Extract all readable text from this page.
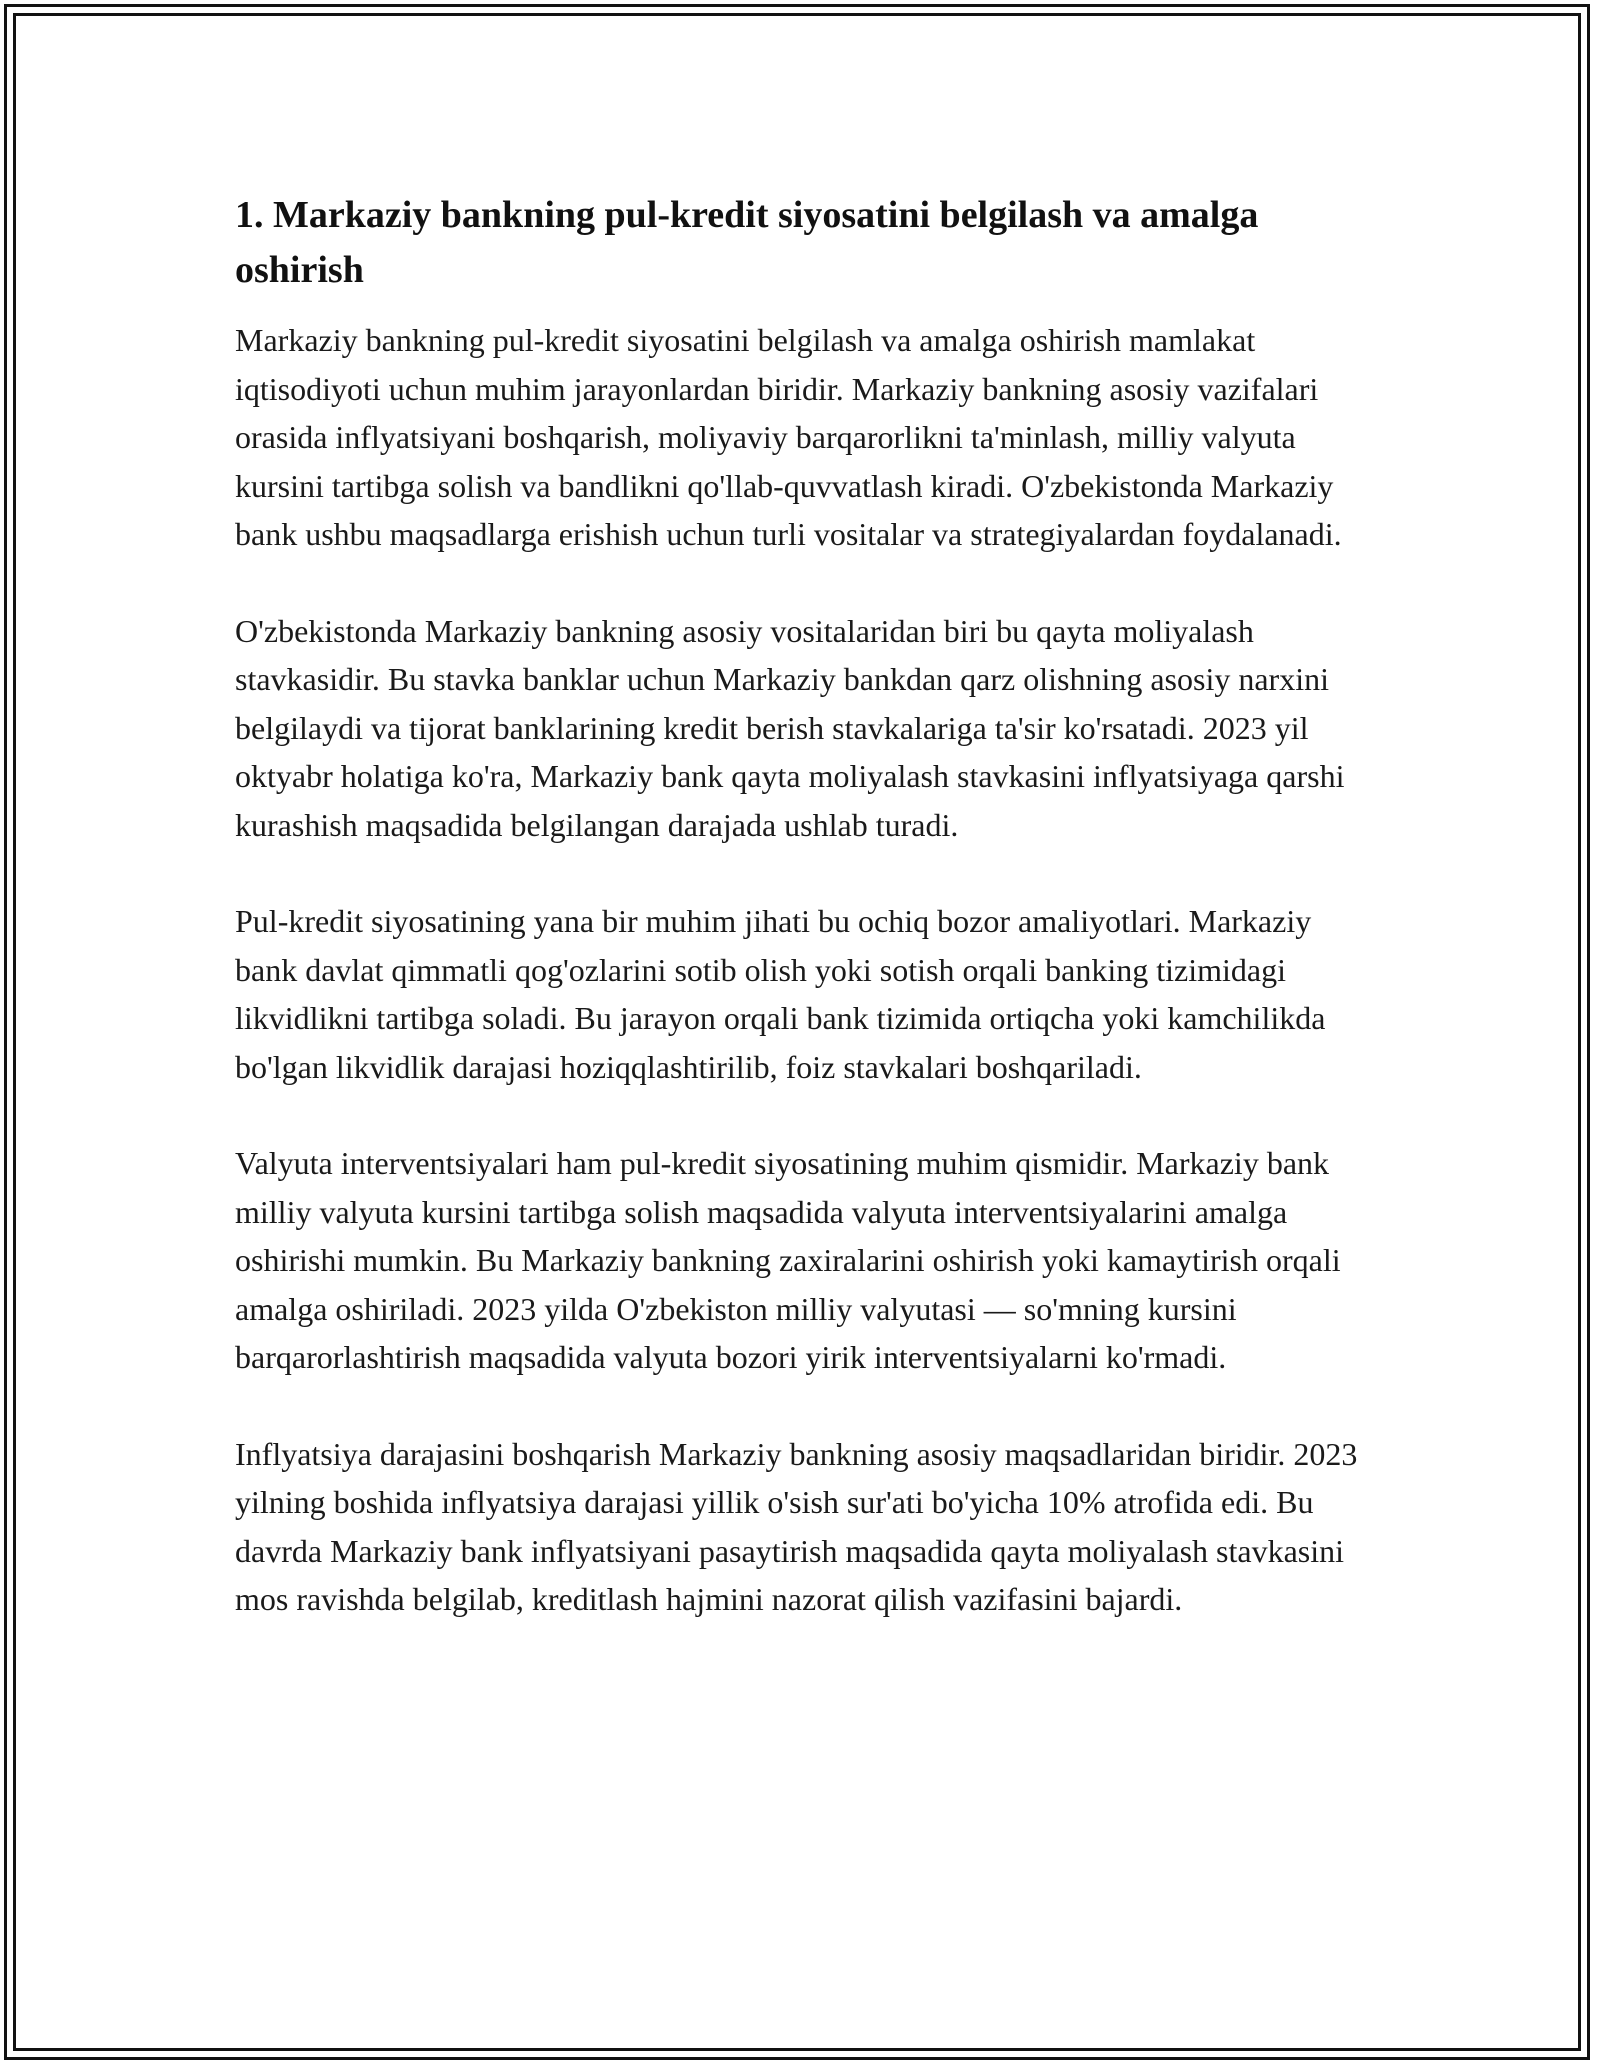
1. Markaziy bankning pul-kredit siyosatini belgilash va amalga oshirish

Markaziy bankning pul-kredit siyosatini belgilash va amalga oshirish mamlakat iqtisodiyoti uchun muhim jarayonlardan biridir. Markaziy bankning asosiy vazifalari orasida inflyatsiyani boshqarish, moliyaviy barqarorlikni ta'minlash, milliy valyuta kursini tartibga solish va bandlikni qo'llab-quvvatlash kiradi. O'zbekistonda Markaziy bank ushbu maqsadlarga erishish uchun turli vositalar va strategiyalardan foydalanadi.

O'zbekistonda Markaziy bankning asosiy vositalaridan biri bu qayta moliyalash stavkasidir. Bu stavka banklar uchun Markaziy bankdan qarz olishning asosiy narxini belgilaydi va tijorat banklarining kredit berish stavkalariga ta'sir ko'rsatadi. 2023 yil oktyabr holatiga ko'ra, Markaziy bank qayta moliyalash stavkasini inflyatsiyaga qarshi kurashish maqsadida belgilangan darajada ushlab turadi.

Pul-kredit siyosatining yana bir muhim jihati bu ochiq bozor amaliyotlari. Markaziy bank davlat qimmatli qog'ozlarini sotib olish yoki sotish orqali banking tizimidagi likvidlikni tartibga soladi. Bu jarayon orqali bank tizimida ortiqcha yoki kamchilikda bo'lgan likvidlik darajasi hoziqqlashtirilib, foiz stavkalari boshqariladi.

Valyuta interventsiyalari ham pul-kredit siyosatining muhim qismidir. Markaziy bank milliy valyuta kursini tartibga solish maqsadida valyuta interventsiyalarini amalga oshirishi mumkin. Bu Markaziy bankning zaxiralarini oshirish yoki kamaytirish orqali amalga oshiriladi. 2023 yilda O'zbekiston milliy valyutasi — so'mning kursini barqarorlashtirish maqsadida valyuta bozori yirik interventsiyalarni ko'rmadi.

Inflyatsiya darajasini boshqarish Markaziy bankning asosiy maqsadlaridan biridir. 2023 yilning boshida inflyatsiya darajasi yillik o'sish sur'ati bo'yicha 10% atrofida edi. Bu davrda Markaziy bank inflyatsiyani pasaytirish maqsadida qayta moliyalash stavkasini mos ravishda belgilab, kreditlash hajmini nazorat qilish vazifasini bajardi.
